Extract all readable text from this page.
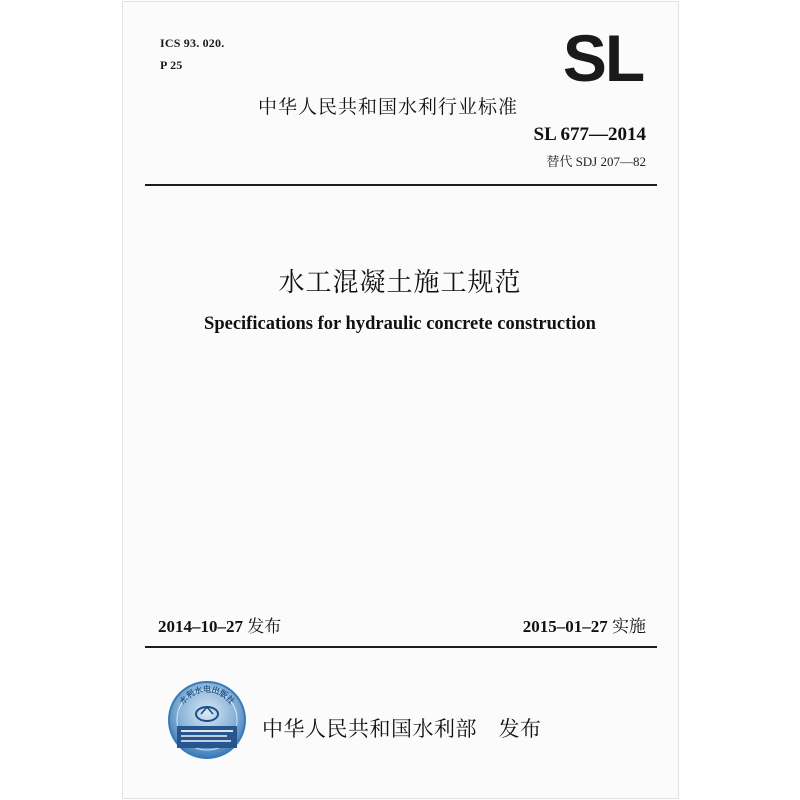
ICS 93. 020.
P 25	SL
中华人民共和国水利行业标准
SL 677—2014
替代 SDJ 207—82
水工混凝土施工规范
Specifications for hydraulic concrete construction
2014–10–27 发布	2015–01–27 实施
水利水电出版社
中华人民共和国水利部 发布
